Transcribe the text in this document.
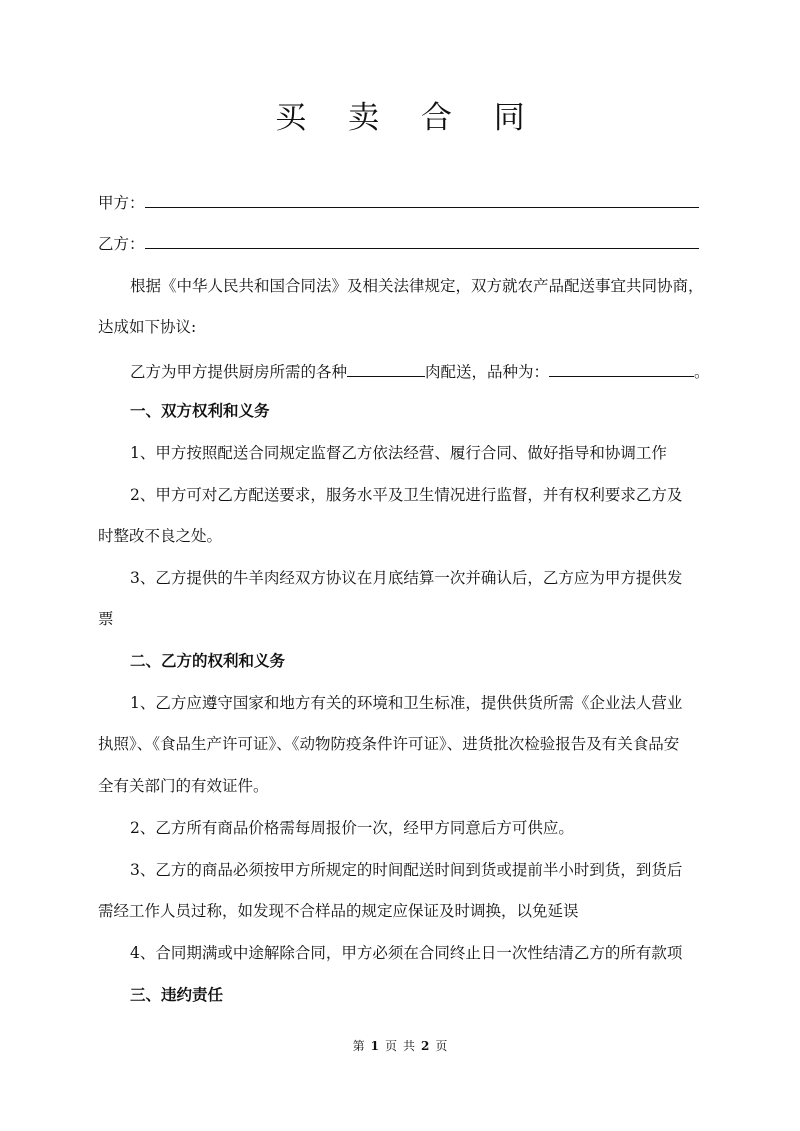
买 卖 合 同
甲方：
乙方：
根据《中华人民共和国合同法》及相关法律规定，双方就农产品配送事宜共同协商，
达成如下协议:
乙方为甲方提供厨房所需的各种	肉配送，品种为：	。
一、双方权利和义务
1、甲方按照配送合同规定监督乙方依法经营、履行合同、做好指导和协调工作
2、甲方可对乙方配送要求，服务水平及卫生情况进行监督，并有权利要求乙方及
时整改不良之处。
3、乙方提供的牛羊肉经双方协议在月底结算一次并确认后，乙方应为甲方提供发
票
二、乙方的权利和义务
1、乙方应遵守国家和地方有关的环境和卫生标准，提供供货所需《企业法人营业
执照》、《食品生产许可证》、《动物防疫条件许可证》、进货批次检验报告及有关食品安
全有关部门的有效证件。
2、乙方所有商品价格需每周报价一次，经甲方同意后方可供应。
3、乙方的商品必须按甲方所规定的时间配送时间到货或提前半小时到货，到货后
需经工作人员过称，如发现不合样品的规定应保证及时调换，以免延误
4、合同期满或中途解除合同，甲方必须在合同终止日一次性结清乙方的所有款项
三、违约责任
第 1 页 共 2 页
